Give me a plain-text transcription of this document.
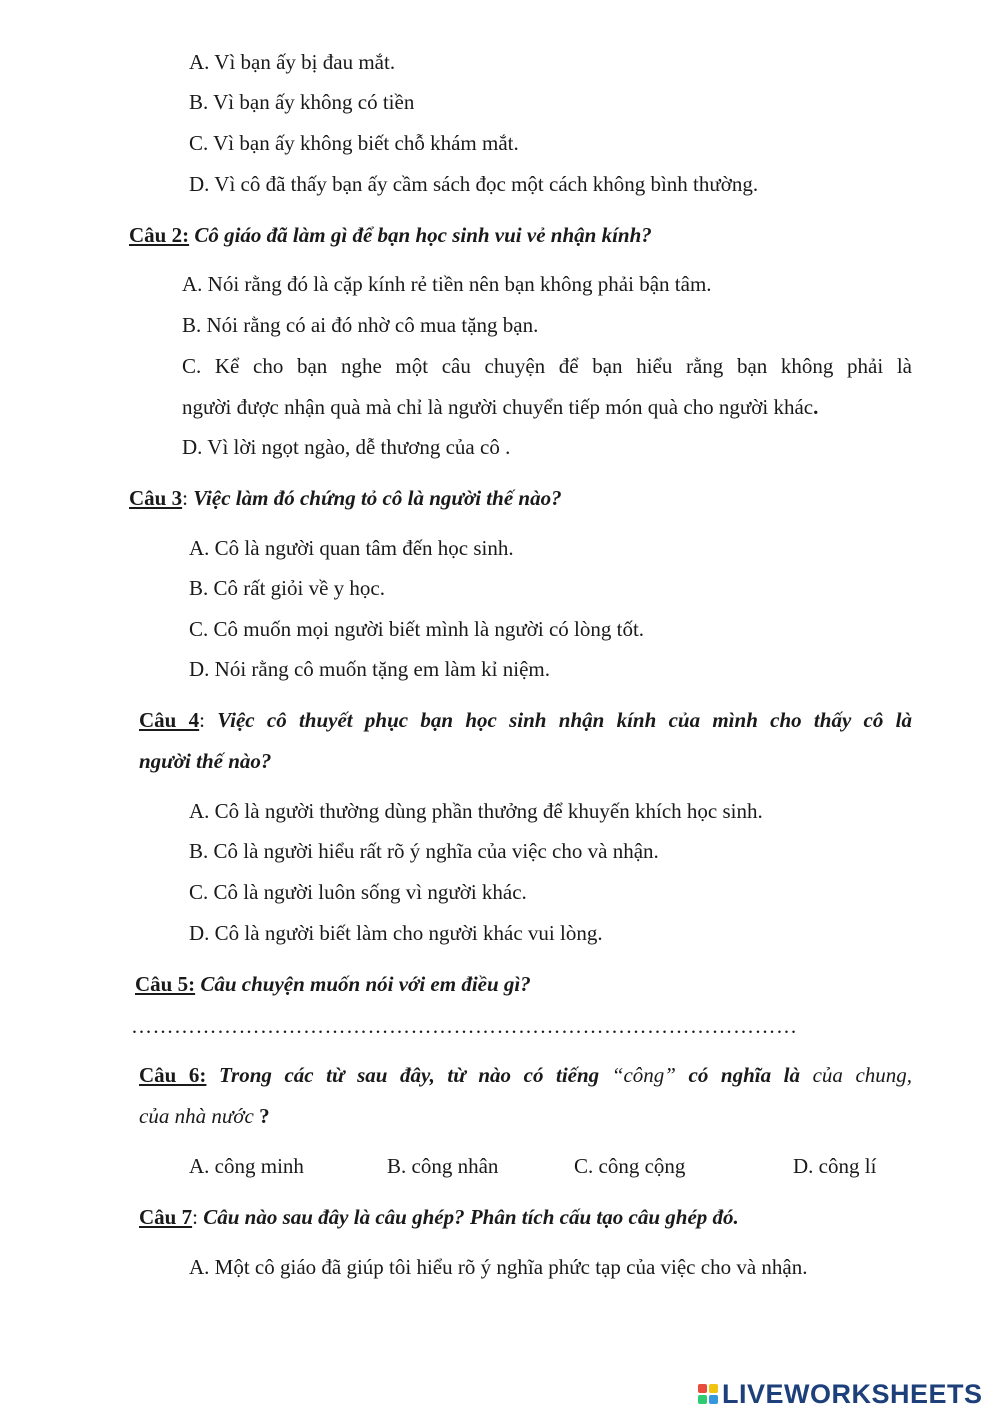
A. Vì bạn ấy bị đau mắt.
B. Vì bạn ấy không có tiền
C. Vì bạn ấy không biết chỗ khám mắt.
D. Vì cô đã thấy bạn ấy cầm sách đọc một cách không bình thường.
Câu 2: Cô giáo đã làm gì để bạn học sinh vui vẻ nhận kính?
A. Nói rằng đó là cặp kính rẻ tiền nên bạn không phải bận tâm.
B. Nói rằng có ai đó nhờ cô mua tặng bạn.
C. Kể cho bạn nghe một câu chuyện để bạn hiểu rằng bạn không phải là
người được nhận quà mà chỉ là người chuyển tiếp món quà cho người khác.
D. Vì lời ngọt ngào, dễ thương của cô .
Câu 3: Việc làm đó chứng tỏ cô là người thế nào?
A. Cô là người quan tâm đến học sinh.
B. Cô rất giỏi về y học.
C. Cô muốn mọi người biết mình là người có lòng tốt.
D. Nói rằng cô muốn tặng em làm kỉ niệm.
Câu 4: Việc cô thuyết phục bạn học sinh nhận kính của mình cho thấy cô là
người thế nào?
A. Cô là người thường dùng phần thưởng để khuyến khích học sinh.
B. Cô là người hiểu rất rõ ý nghĩa của việc cho và nhận.
C. Cô là người luôn sống vì người khác.
D. Cô là người biết làm cho người khác vui lòng.
Câu 5: Câu chuyện muốn nói với em điều gì?
…………………………………………………………………………………
Câu 6: Trong các từ sau đây, từ nào có tiếng “công” có nghĩa là của chung,
của nhà nước ?
A. công minh	B. công nhân	C. công cộng	D. công lí
Câu 7: Câu nào sau đây là câu ghép? Phân tích cấu tạo câu ghép đó.
A. Một cô giáo đã giúp tôi hiểu rõ ý nghĩa phức tạp của việc cho và nhận.
LIVEWORKSHEETS
